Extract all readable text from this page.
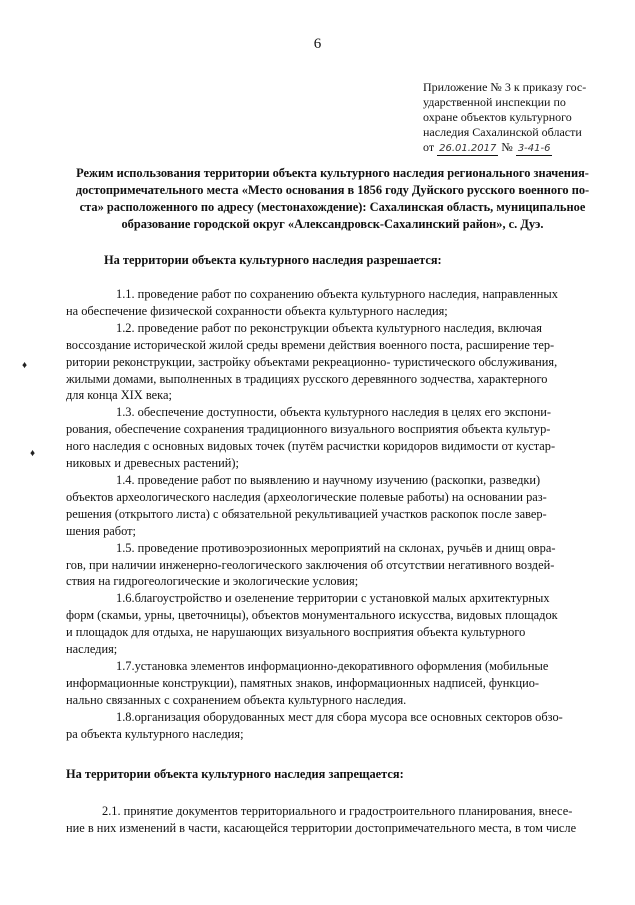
6
Приложение № 3 к приказу гос-
ударственной инспекции по
охране объектов культурного
наследия Сахалинской области
от 26.01.2017 № 3-41-6
Режим использования территории объекта культурного наследия регионального значения-
достопримечательного места «Место основания в 1856 году Дуйского русского военного по-
ста» расположенного по адресу (местонахождение): Сахалинская область, муниципальное
образование городской округ «Александровск-Сахалинский район», с. Дуэ.
На территории объекта культурного наследия разрешается:

1.1. проведение работ по сохранению объекта культурного наследия, направленных
на обеспечение физической сохранности объекта культурного наследия;

1.2. проведение работ по реконструкции объекта культурного наследия, включая
воссоздание исторической жилой среды времени действия военного поста, расширение тер-
ритории реконструкции, застройку объектами рекреационно- туристического обслуживания,
жилыми домами, выполненных в традициях русского деревянного зодчества, характерного
для конца XIX века;

1.3. обеспечение доступности, объекта культурного наследия в целях его экспони-
рования, обеспечение сохранения традиционного визуального восприятия объекта культур-
ного наследия с основных видовых точек (путём расчистки коридоров видимости от кустар-
никовых и древесных растений);

1.4. проведение работ по выявлению и научному изучению (раскопки, разведки)
объектов археологического наследия (археологические полевые работы) на основании раз-
решения (открытого листа) с обязательной рекультивацией участков раскопок после завер-
шения работ;

1.5. проведение противоэрозионных мероприятий на склонах, ручьёв и днищ овра-
гов, при наличии инженерно-геологического заключения об отсутствии негативного воздей-
ствия на гидрогеологические и экологические условия;

1.6.благоустройство и озеленение территории с установкой малых архитектурных
форм (скамьи, урны, цветочницы), объектов монументального искусства, видовых площадок
и площадок для отдыха, не нарушающих визуального восприятия объекта культурного
наследия;

1.7.установка элементов информационно-декоративного оформления (мобильные
информационные конструкции), памятных знаков, информационных надписей, функцио-
нально связанных с сохранением объекта культурного наследия.

1.8.организация оборудованных мест для сбора мусора все основных секторов обзо-
ра объекта культурного наследия;

На территории объекта культурного наследия запрещается:

2.1. принятие документов территориального и градостроительного планирования, внесе-
ние в них изменений в части, касающейся территории достопримечательного места, в том числе

♦
♦
